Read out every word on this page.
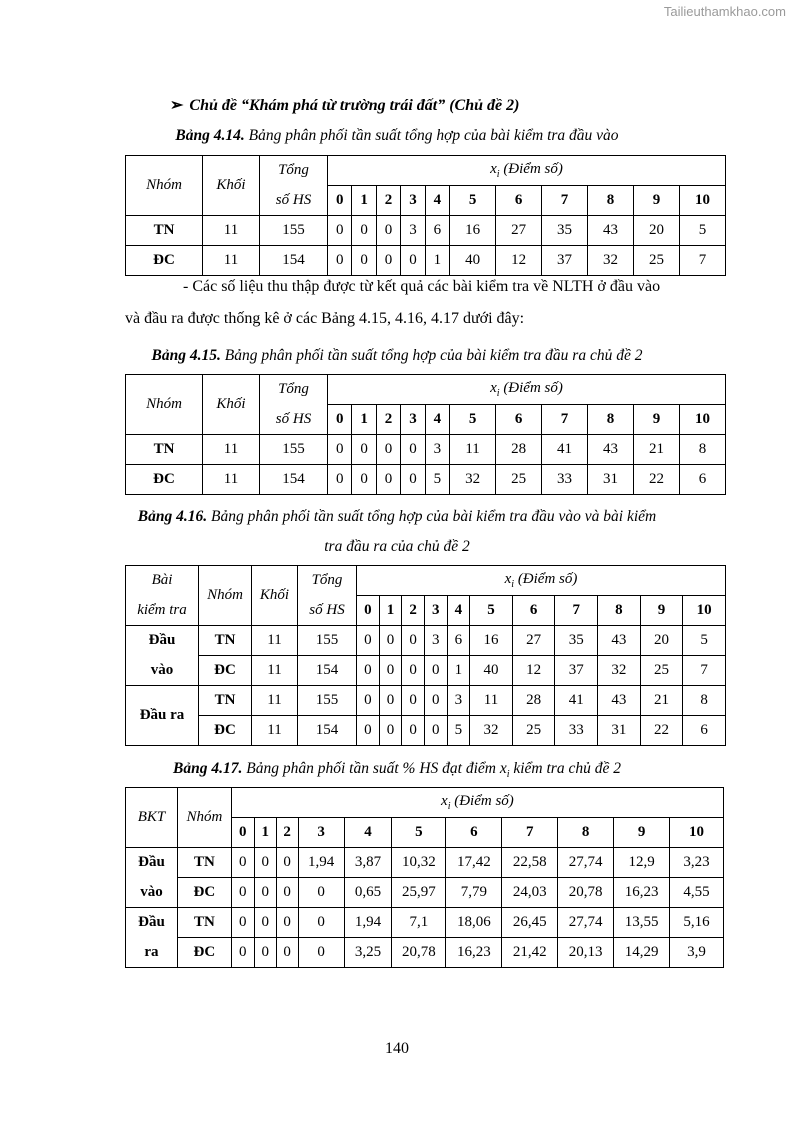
Tailieuthamkhao.com
➢ Chủ đề “Khám phá từ trường trái đất” (Chủ đề 2)
Bảng 4.14. Bảng phân phối tần suất tổng hợp của bài kiểm tra đầu vào
Nhóm	Khối	Tổng	$x_i$ (Điểm số)										
		số HS	0	1	2	3	4	5	6	7	8	9	10
TN	11	155	0	0	0	3	6	16	27	35	43	20	5
ĐC	11	154	0	0	0	0	1	40	12	37	32	25	7
- Các số liệu thu thập được từ kết quả các bài kiểm tra về NLTH ở đầu vào
và đầu ra được thống kê ở các Bảng 4.15, 4.16, 4.17 dưới đây:
Bảng 4.15. Bảng phân phối tần suất tổng hợp của bài kiểm tra đầu ra chủ đề 2
Nhóm	Khối	Tổng	$x_i$ (Điểm số)										
		số HS	0	1	2	3	4	5	6	7	8	9	10
TN	11	155	0	0	0	0	3	11	28	41	43	21	8
ĐC	11	154	0	0	0	0	5	32	25	33	31	22	6
Bảng 4.16. Bảng phân phối tần suất tổng hợp của bài kiểm tra đầu vào và bài kiểm
tra đầu ra của chủ đề 2
Bài	Nhóm	Khối	Tổng	$x_i$ (Điểm số)										
kiểm tra			số HS	0	1	2	3	4	5	6	7	8	9	10
Đầu	TN	11	155	0	0	0	3	6	16	27	35	43	20	5
vào	ĐC	11	154	0	0	0	0	1	40	12	37	32	25	7
Đầu ra	TN	11	155	0	0	0	0	3	11	28	41	43	21	8
	ĐC	11	154	0	0	0	0	5	32	25	33	31	22	6
Bảng 4.17. Bảng phân phối tần suất % HS đạt điểm $x_i$ kiểm tra chủ đề 2
BKT	Nhóm	$x_i$ (Điểm số)										
		0	1	2	3	4	5	6	7	8	9	10
Đầu	TN	0	0	0	1,94	3,87	10,32	17,42	22,58	27,74	12,9	3,23
vào	ĐC	0	0	0	0	0,65	25,97	7,79	24,03	20,78	16,23	4,55
Đầu	TN	0	0	0	0	1,94	7,1	18,06	26,45	27,74	13,55	5,16
ra	ĐC	0	0	0	0	3,25	20,78	16,23	21,42	20,13	14,29	3,9
140
